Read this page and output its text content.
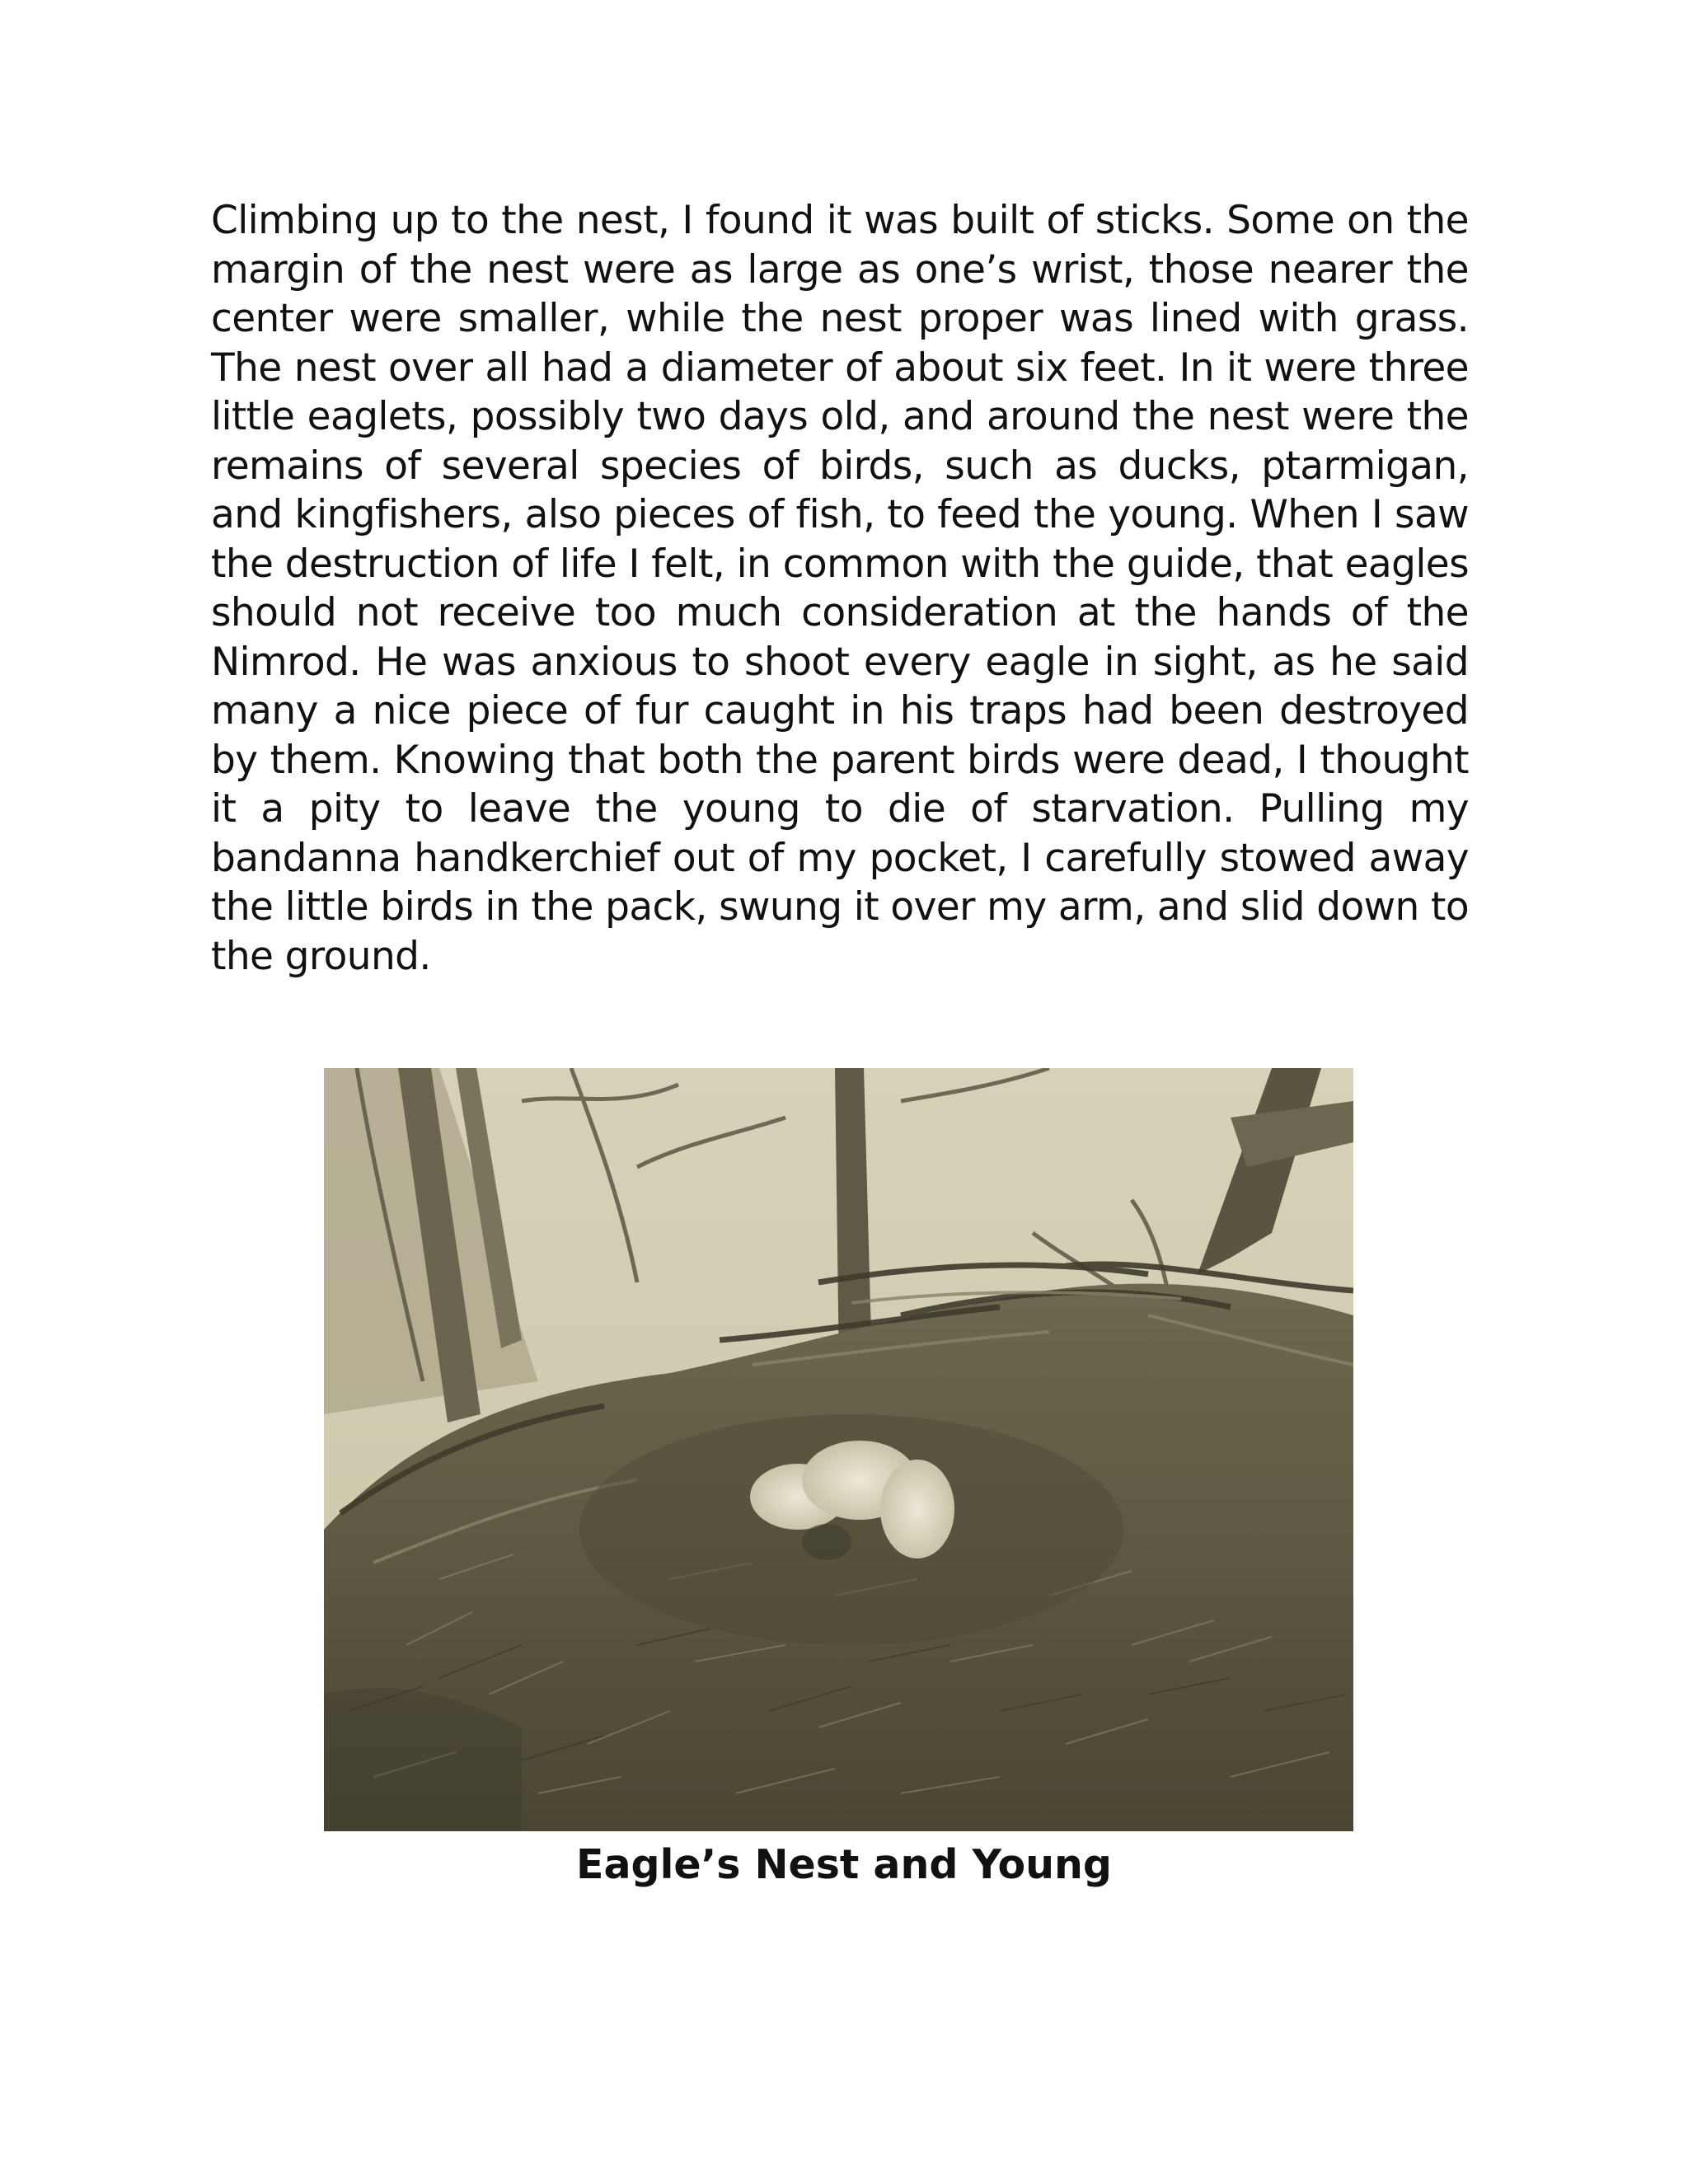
Climbing up to the nest, I found it was built of sticks. Some on the margin of the nest were as large as one’s wrist, those nearer the center were smaller, while the nest proper was lined with grass. The nest over all had a diameter of about six feet. In it were three little eaglets, possibly two days old, and around the nest were the remains of several species of birds, such as ducks, ptarmigan, and kingfishers, also pieces of fish, to feed the young. When I saw the destruction of life I felt, in common with the guide, that eagles should not receive too much consideration at the hands of the Nimrod. He was anxious to shoot every eagle in sight, as he said many a nice piece of fur caught in his traps had been destroyed by them. Knowing that both the parent birds were dead, I thought it a pity to leave the young to die of starvation. Pulling my bandanna handkerchief out of my pocket, I carefully stowed away the little birds in the pack, swung it over my arm, and slid down to the ground.

Eagle’s Nest and Young
